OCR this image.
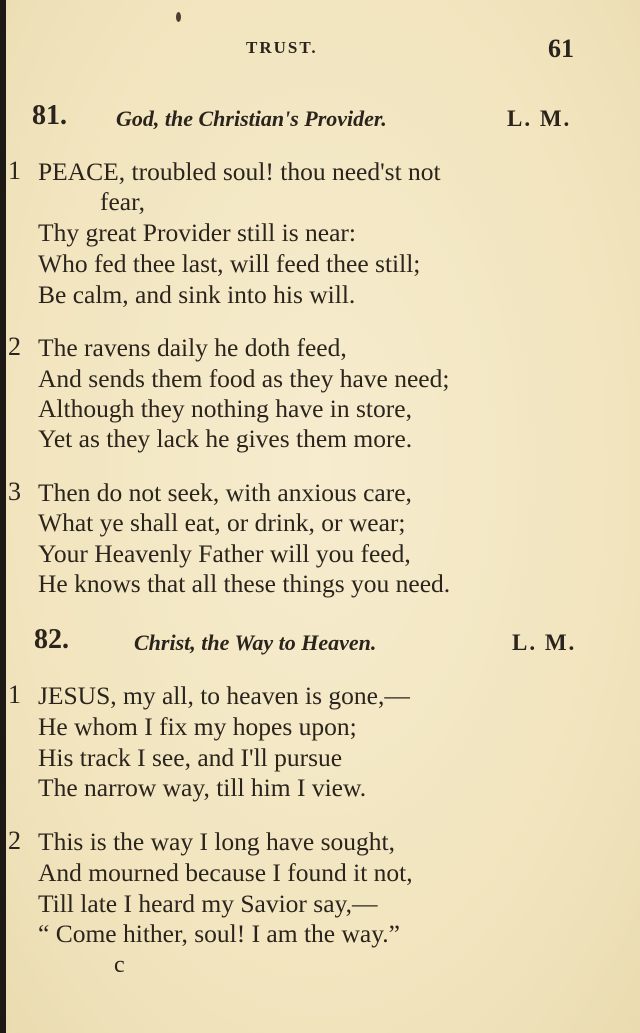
TRUST.	61
81. God, the Christian's Provider.	L. M.
1 PEACE, troubled soul! thou need'st not
fear,
Thy great Provider still is near:
Who fed thee last, will feed thee still;
Be calm, and sink into his will.
2 The ravens daily he doth feed,
And sends them food as they have need;
Although they nothing have in store,
Yet as they lack he gives them more.
3 Then do not seek, with anxious care,
What ye shall eat, or drink, or wear;
Your Heavenly Father will you feed,
He knows that all these things you need.
82.	Christ, the Way to Heaven.	L. M.
1 JESUS, my all, to heaven is gone,—
He whom I fix my hopes upon;
His track I see, and I'll pursue
The narrow way, till him I view.
2 This is the way I long have sought,
And mourned because I found it not,
Till late I heard my Savior say,—
“ Come hither, soul! I am the way.”
c
